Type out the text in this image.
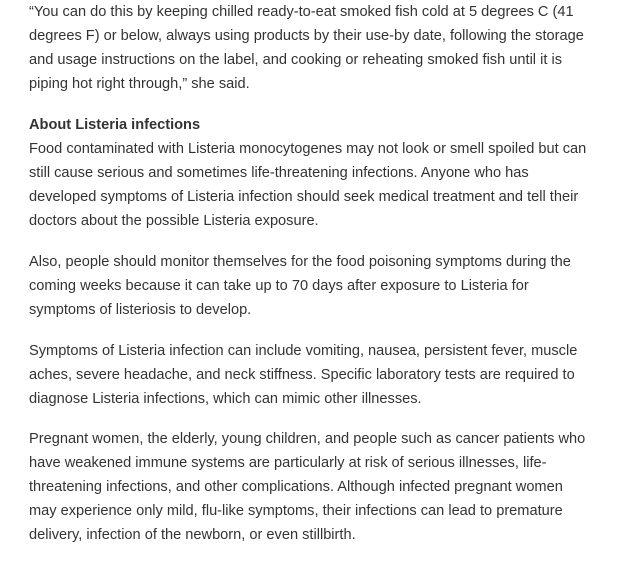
“You can do this by keeping chilled ready-to-eat smoked fish cold at 5 degrees C (41 degrees F) or below, always using products by their use-by date, following the storage and usage instructions on the label, and cooking or reheating smoked fish until it is piping hot right through,” she said.

About Listeria infections

Food contaminated with Listeria monocytogenes may not look or smell spoiled but can still cause serious and sometimes life-threatening infections. Anyone who has developed symptoms of Listeria infection should seek medical treatment and tell their doctors about the possible Listeria exposure.

Also, people should monitor themselves for the food poisoning symptoms during the coming weeks because it can take up to 70 days after exposure to Listeria for symptoms of listeriosis to develop.

Symptoms of Listeria infection can include vomiting, nausea, persistent fever, muscle aches, severe headache, and neck stiffness. Specific laboratory tests are required to diagnose Listeria infections, which can mimic other illnesses.

Pregnant women, the elderly, young children, and people such as cancer patients who have weakened immune systems are particularly at risk of serious illnesses, life-threatening infections, and other complications. Although infected pregnant women may experience only mild, flu-like symptoms, their infections can lead to premature delivery, infection of the newborn, or even stillbirth.
